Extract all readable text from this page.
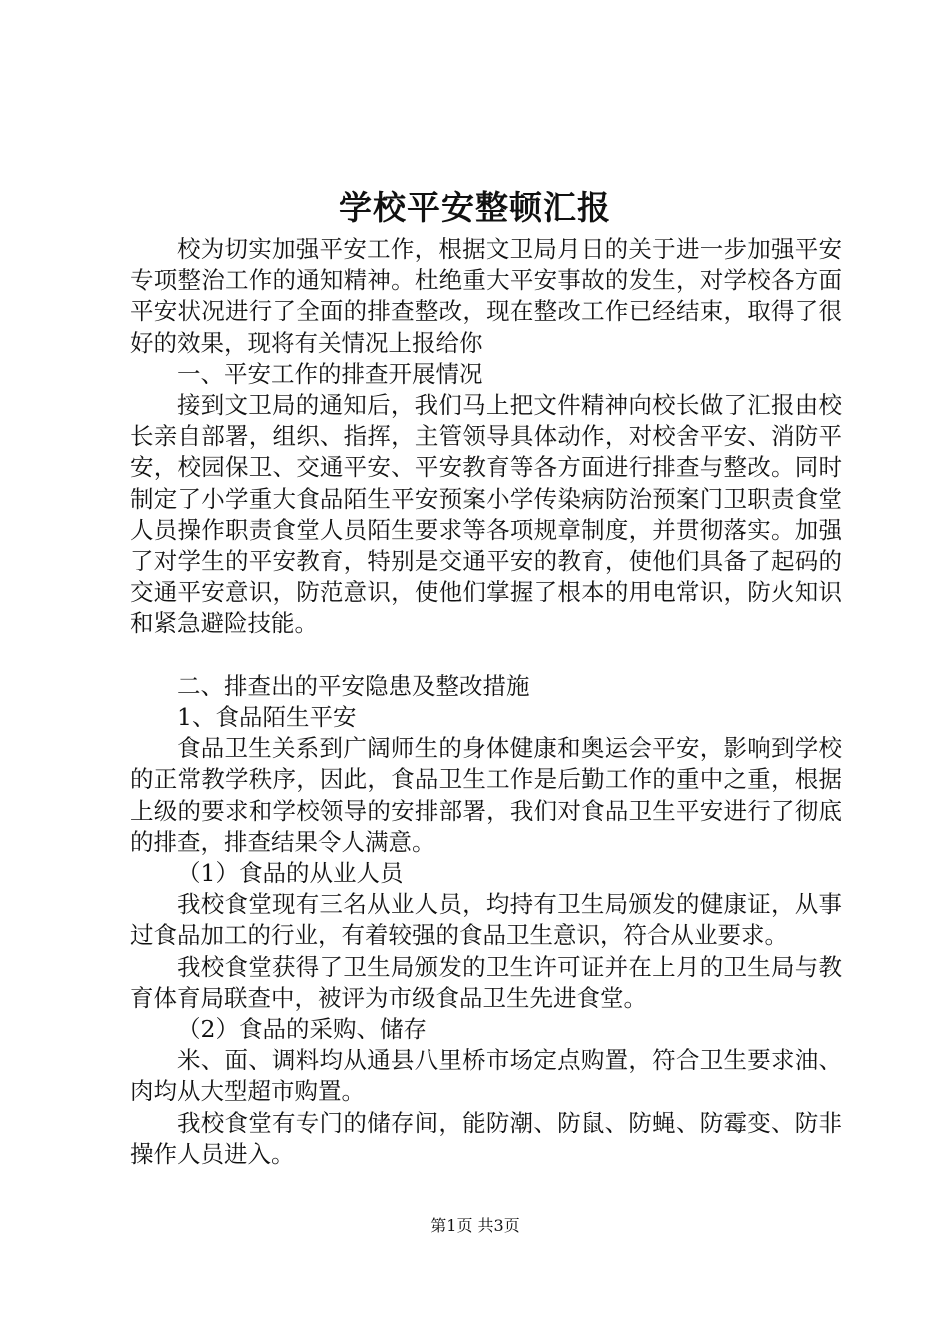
学校平安整顿汇报

校为切实加强平安工作，根据文卫局月日的关于进一步加强平安专项整治工作的通知精神。杜绝重大平安事故的发生，对学校各方面平安状况进行了全面的排查整改，现在整改工作已经结束，取得了很好的效果，现将有关情况上报给你

一、平安工作的排查开展情况

接到文卫局的通知后，我们马上把文件精神向校长做了汇报由校长亲自部署，组织、指挥，主管领导具体动作，对校舍平安、消防平安，校园保卫、交通平安、平安教育等各方面进行排查与整改。同时制定了小学重大食品陌生平安预案小学传染病防治预案门卫职责食堂人员操作职责食堂人员陌生要求等各项规章制度，并贯彻落实。加强了对学生的平安教育，特别是交通平安的教育，使他们具备了起码的交通平安意识，防范意识，使他们掌握了根本的用电常识，防火知识和紧急避险技能。

二、排查出的平安隐患及整改措施

1、食品陌生平安

食品卫生关系到广阔师生的身体健康和奥运会平安，影响到学校的正常教学秩序，因此，食品卫生工作是后勤工作的重中之重，根据上级的要求和学校领导的安排部署，我们对食品卫生平安进行了彻底的排查，排查结果令人满意。

（1）食品的从业人员

我校食堂现有三名从业人员，均持有卫生局颁发的健康证，从事过食品加工的行业，有着较强的食品卫生意识，符合从业要求。

我校食堂获得了卫生局颁发的卫生许可证并在上月的卫生局与教育体育局联查中，被评为市级食品卫生先进食堂。

（2）食品的采购、储存

米、面、调料均从通县八里桥市场定点购置，符合卫生要求油、肉均从大型超市购置。

我校食堂有专门的储存间，能防潮、防鼠、防蝇、防霉变、防非操作人员进入。

第1页 共3页
